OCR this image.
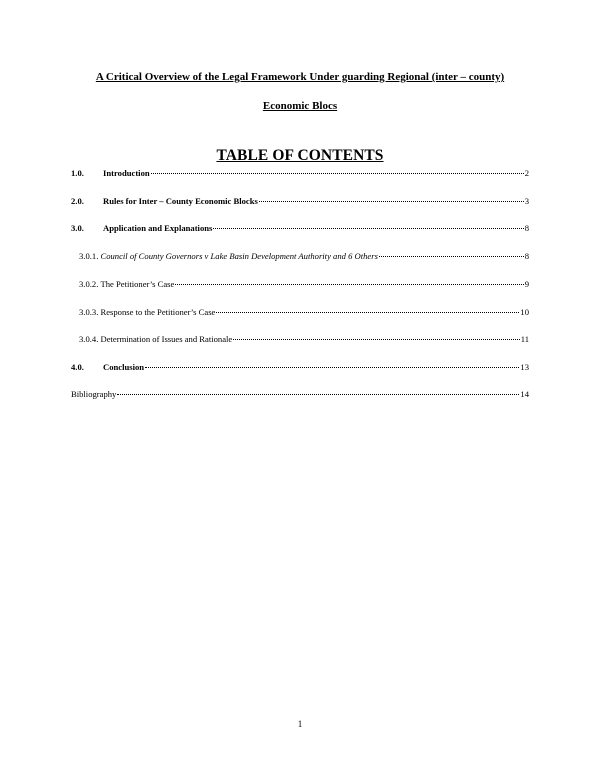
A Critical Overview of the Legal Framework Under guarding Regional (inter – county)
Economic Blocs
TABLE OF CONTENTS
1.0.	Introduction	2
2.0.	Rules for Inter – County Economic Blocks	3
3.0.	Application and Explanations	8
3.0.1. Council of County Governors v Lake Basin Development Authority and 6 Others	8
3.0.2. The Petitioner’s Case	9
3.0.3. Response to the Petitioner’s Case	10
3.0.4. Determination of Issues and Rationale	11
4.0.	Conclusion	13
Bibliography	14
1
